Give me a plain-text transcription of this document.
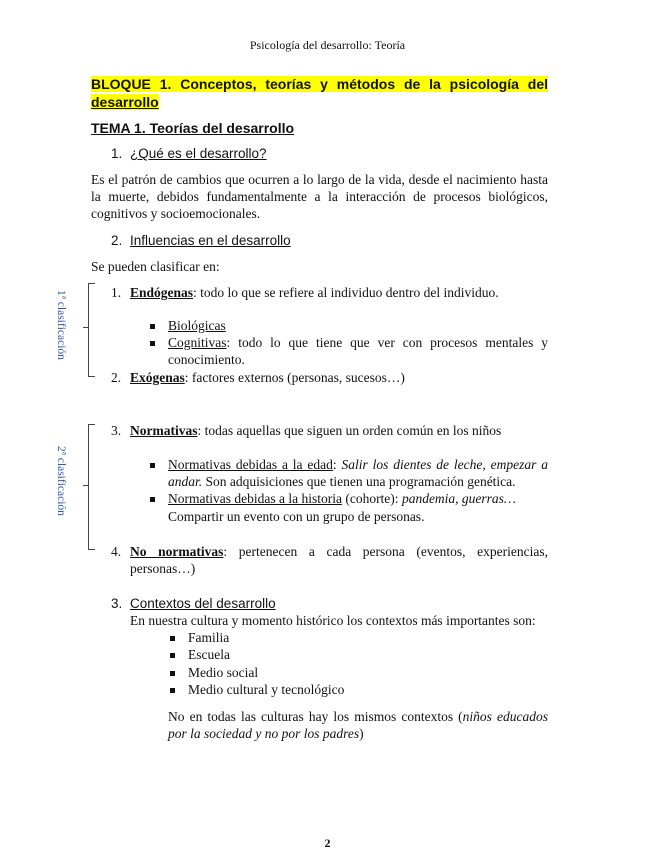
Psicología del desarrollo: Teoría
BLOQUE 1. Conceptos, teorías y métodos de la psicología del
desarrollo
TEMA 1. Teorías del desarrollo
1. ¿Qué es el desarrollo?
Es el patrón de cambios que ocurren a lo largo de la vida, desde el nacimiento hasta
la muerte, debidos fundamentalmente a la interacción de procesos biológicos,
cognitivos y socioemocionales.
2. Influencias en el desarrollo
Se pueden clasificar en:
1ª clasificación	1. Endógenas: todo lo que se refiere al individuo dentro del individuo.
Biológicas
Cognitivas: todo lo que tiene que ver con procesos mentales y
conocimiento.
2. Exógenas: factores externos (personas, sucesos…)
2ª clasificación
3. Normativas: todas aquellas que siguen un orden común en los niños
Normativas debidas a la edad: Salir los dientes de leche, empezar a
andar. Son adquisiciones que tienen una programación genética.
Normativas debidas a la historia (cohorte): pandemia, guerras…
Compartir un evento con un grupo de personas.
4. No normativas: pertenecen a cada persona (eventos, experiencias,
personas…)
3. Contextos del desarrollo
En nuestra cultura y momento histórico los contextos más importantes son:
Familia
Escuela
Medio social
Medio cultural y tecnológico
No en todas las culturas hay los mismos contextos (niños educados
por la sociedad y no por los padres)
2
